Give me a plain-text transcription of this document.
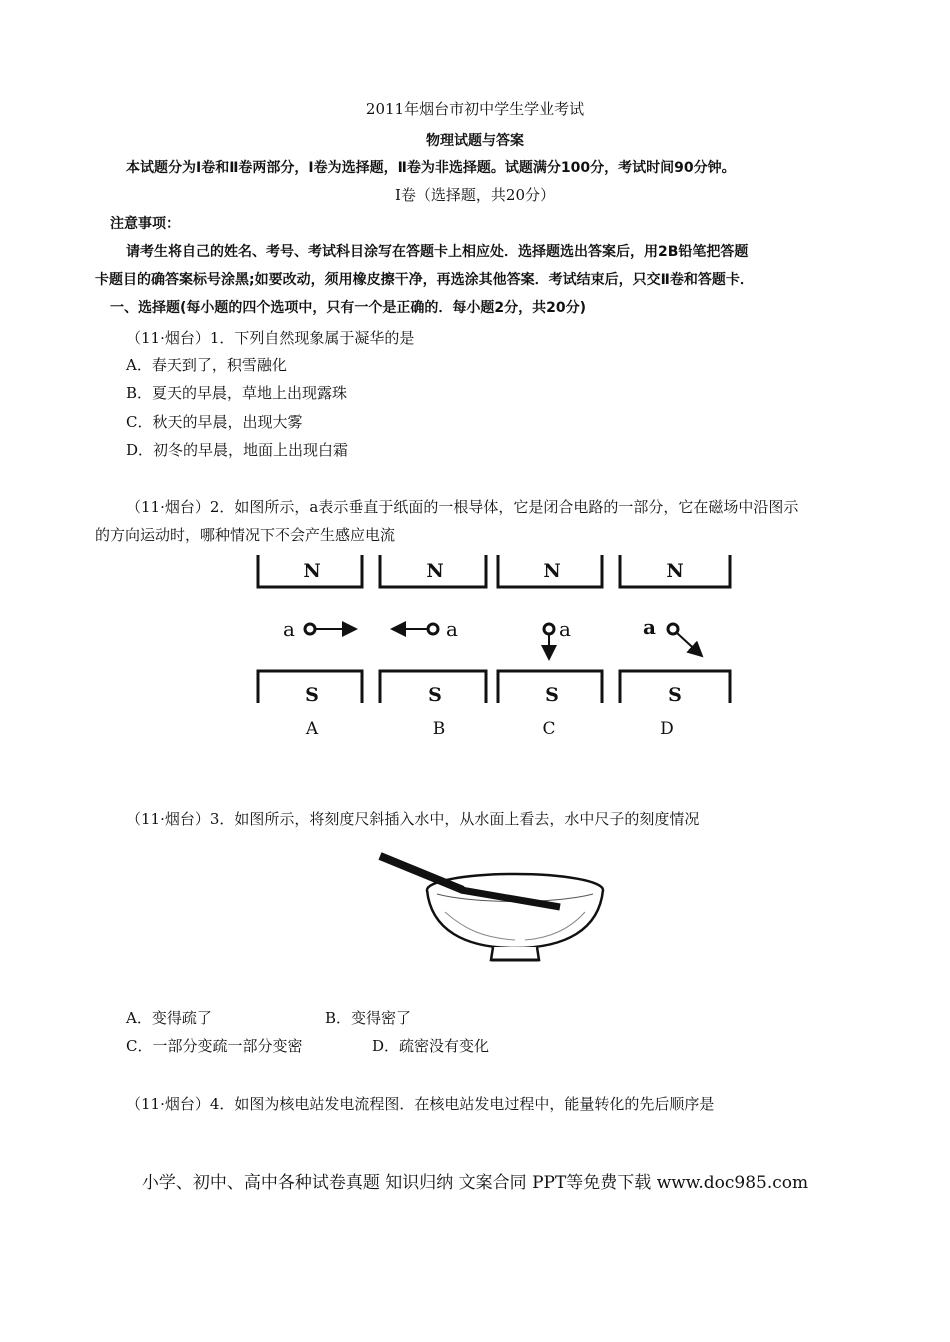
2011年烟台市初中学生学业考试
物理试题与答案
本试题分为Ⅰ卷和Ⅱ卷两部分，Ⅰ卷为选择题，Ⅱ卷为非选择题。试题满分100分，考试时间90分钟。
Ⅰ卷（选择题，共20分）
注意事项：
请考生将自己的姓名、考号、考试科目涂写在答题卡上相应处．选择题选出答案后，用2B铅笔把答题
卡题目的确答案标号涂黑;如要改动，须用橡皮擦干净，再选涂其他答案．考试结束后，只交Ⅱ卷和答题卡．
一、选择题(每小题的四个选项中，只有一个是正确的．每小题2分，共20分)
（11·烟台）1．下列自然现象属于凝华的是
A．春天到了，积雪融化
B．夏天的早晨，草地上出现露珠
C．秋天的早晨，出现大雾
D．初冬的早晨，地面上出现白霜
（11·烟台）2．如图所示，a表示垂直于纸面的一根导体，它是闭合电路的一部分，它在磁场中沿图示
的方向运动时，哪种情况下不会产生感应电流
N	N	N	N
S	S	S	S
a	a	a	a
A	B	C	D
（11·烟台）3．如图所示，将刻度尺斜插入水中，从水面上看去，水中尺子的刻度情况
A．变得疏了	B．变得密了
C．一部分变疏一部分变密	D．疏密没有变化
（11·烟台）4．如图为核电站发电流程图．在核电站发电过程中，能量转化的先后顺序是
小学、初中、高中各种试卷真题 知识归纳 文案合同 PPT等免费下载 www.doc985.com
